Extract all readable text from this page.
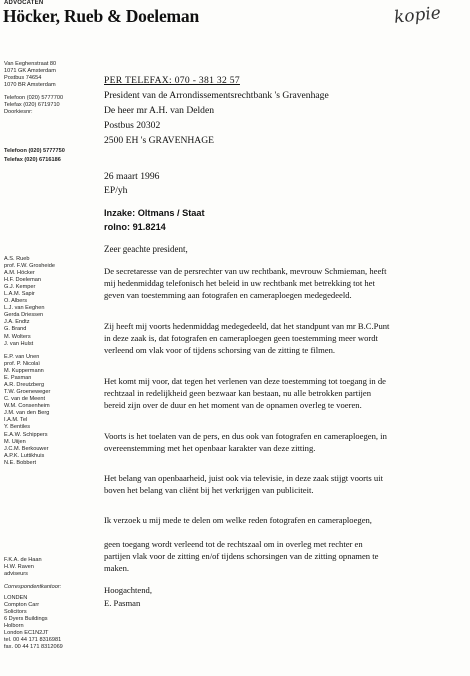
ADVOCATEN
Höcker, Rueb & Doeleman	kopie
Van Eeghenstraat 80
1071 GK Amsterdam
Postbus 74654
1070 BR Amsterdam
Telefoon (020) 5777700
Telefax (020) 6719710
Doorkiesnr:
Telefoon (020) 5777750
Telefax (020) 6716186
A.S. Rueb
prof. F.W. Grosheide
A.M. Höcker
H.F. Doeleman
G.J. Kemper
L.A.M. Sapir
O. Albers
L.J. van Eeghen
Gerda Driessen
J.A. Endtz
G. Brand
M. Wolters
J. van Hulst
E.P. van Unen
prof. P. Nicolaï
M. Kuppermann
E. Pasman
A.R. Dreutzberg
T.W. Groeneweger
C. van de Meent
W.M. Consenheim
J.M. van den Berg
I.A.M. Tel
Y. Bentiles
E.A.W. Schippers
M. Uiijen
J.C.M. Berkouwer
A.P.K. Luttikhuis
N.E. Bobbert
F.K.A. de Haan
H.W. Raven
adviseurs
Correspondentkantoor:
LONDEN
Compton Carr
Solicitors
6 Dyers Buildings
Holborn
London EC1N2JT
tel. 00 44 171 8316981
fax. 00 44 171 8312069
PER TELEFAX: 070 - 381 32 57
President van de Arrondissementsrechtbank 's Gravenhage
De heer mr A.H. van Delden
Postbus 20302
2500 EH 's GRAVENHAGE
26 maart 1996
EP/yh
Inzake: Oltmans / Staat
rolno: 91.8214
Zeer geachte president,
De secretaresse van de persrechter van uw rechtbank, mevrouw Schmieman, heeft
mij hedenmiddag telefonisch het beleid in uw rechtbank met betrekking tot het
geven van toestemming aan fotografen en cameraploegen medegedeeld.
Zij heeft mij voorts hedenmiddag medegedeeld, dat het standpunt van mr B.C.Punt
in deze zaak is, dat fotografen en cameraploegen geen toestemming meer wordt
verleend om vlak voor of tijdens schorsing van de zitting te filmen.
Het komt mij voor, dat tegen het verlenen van deze toestemming tot toegang in de
rechtzaal in redelijkheid geen bezwaar kan bestaan, nu alle betrokken partijen
bereid zijn over de duur en het moment van de opnamen overleg te voeren.
Voorts is het toelaten van de pers, en dus ook van fotografen en cameraploegen, in
overeenstemming met het openbaar karakter van deze zitting.
Het belang van openbaarheid, juist ook via televisie, in deze zaak stijgt voorts uit
boven het belang van cliënt bij het verkrijgen van publiciteit.
Ik verzoek u mij mede te delen om welke reden fotografen en cameraploegen,
geen toegang wordt verleend tot de rechtszaal om in overleg met rechter en
partijen vlak voor de zitting en/of tijdens schorsingen van de zitting opnamen te
maken.
Hoogachtend,
E. Pasman
